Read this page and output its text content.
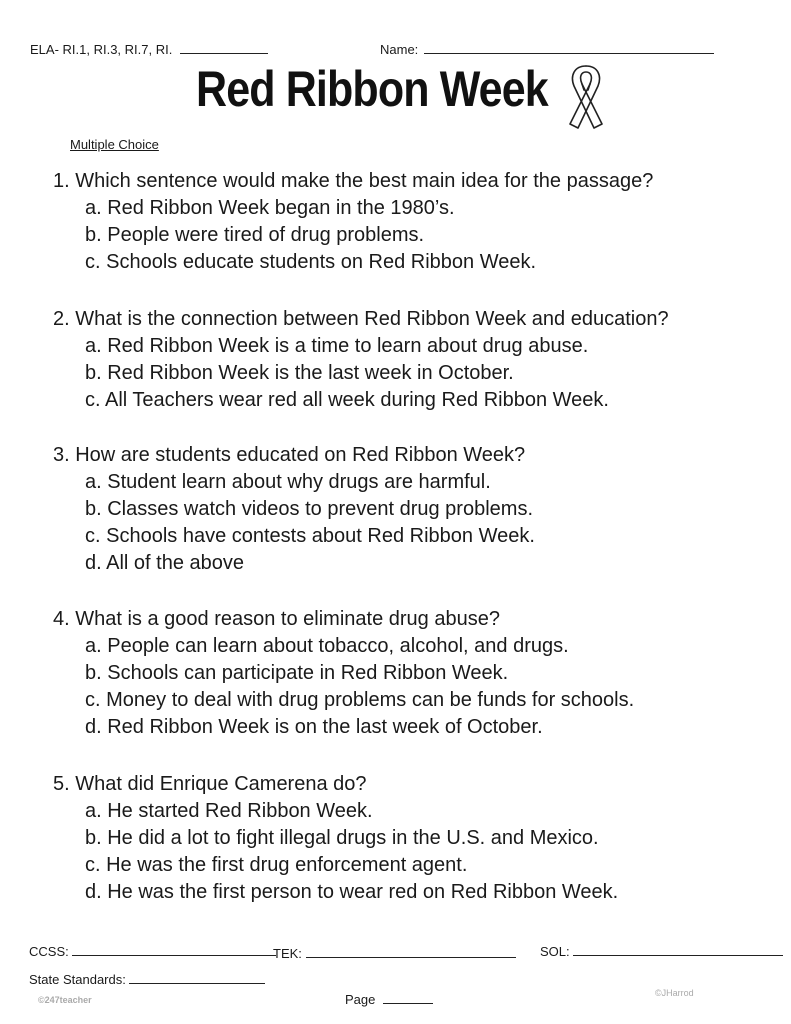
ELA- RI.1, RI.3, RI.7, RI.	Name:
Red Ribbon Week
Multiple Choice
1. Which sentence would make the best main idea for the passage?
a. Red Ribbon Week began in the 1980’s.
b. People were tired of drug problems.
c. Schools educate students on Red Ribbon Week.
2. What is the connection between Red Ribbon Week and education?
a. Red Ribbon Week is a time to learn about drug abuse.
b. Red Ribbon Week is the last week in October.
c. All Teachers wear red all week during Red Ribbon Week.
3. How are students educated on Red Ribbon Week?
a. Student learn about why drugs are harmful.
b. Classes watch videos to prevent drug problems.
c. Schools have contests about Red Ribbon Week.
d. All of the above
4. What is a good reason to eliminate drug abuse?
a. People can learn about tobacco, alcohol, and drugs.
b. Schools can participate in Red Ribbon Week.
c. Money to deal with drug problems can be funds for schools.
d. Red Ribbon Week is on the last week of October.
5. What did Enrique Camerena do?
a. He started Red Ribbon Week.
b. He did a lot to fight illegal drugs in the U.S. and Mexico.
c. He was the first drug enforcement agent.
d. He was the first person to wear red on Red Ribbon Week.
CCSS:	TEK:	SOL:
State Standards:
Page
©247teacher
©JHarrod
